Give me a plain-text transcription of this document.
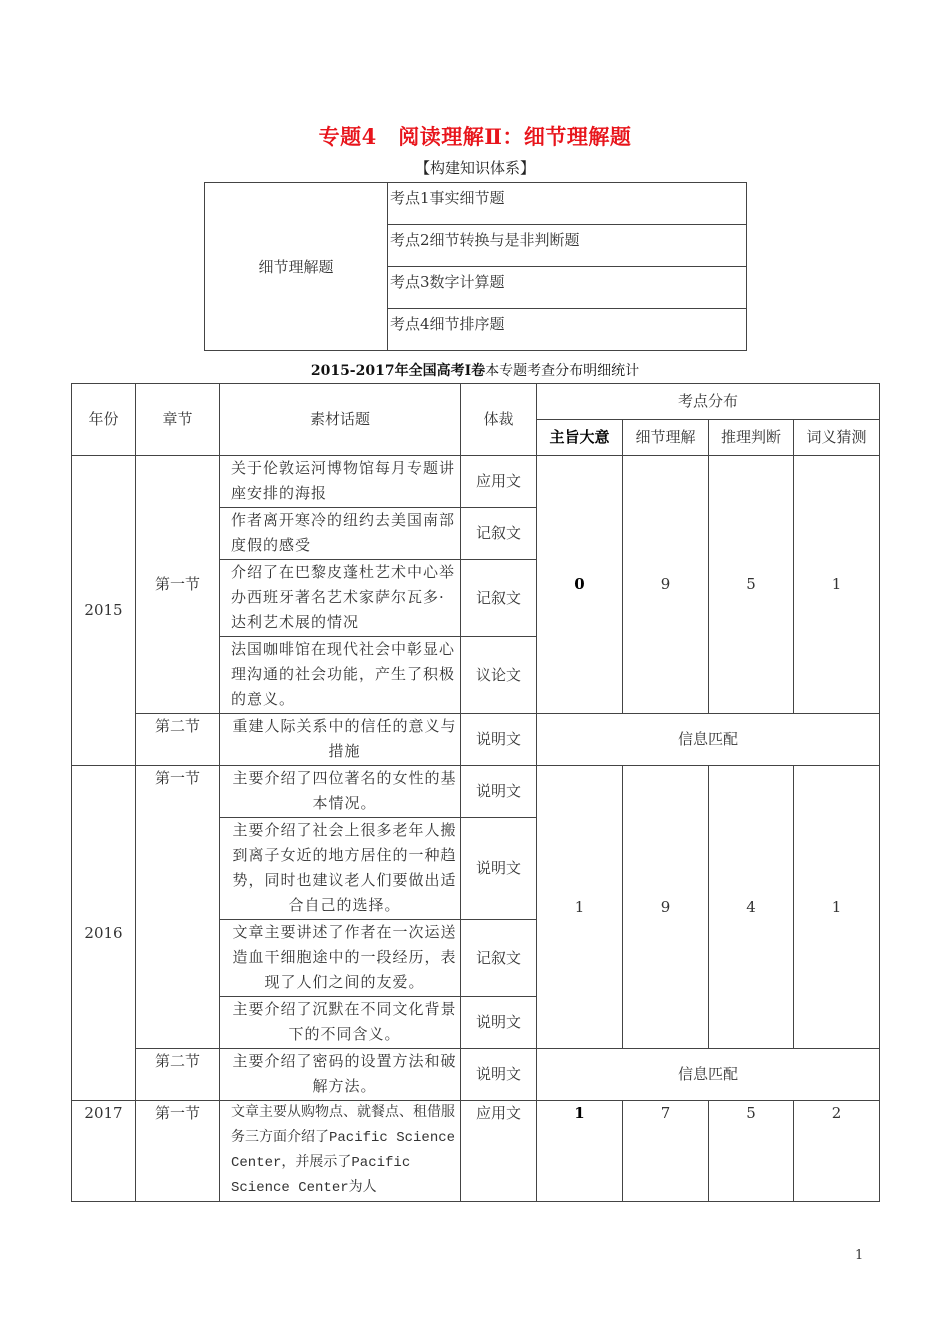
专题4　阅读理解Ⅱ：细节理解题
【构建知识体系】
细节理解题	考点1事实细节题
考点2细节转换与是非判断题
考点3数字计算题
考点4细节排序题
2015-2017年全国高考Ⅰ卷本专题考查分布明细统计
年份	章节	素材话题	体裁	考点分布			
				主旨大意	细节理解	推理判断	词义猜测
2015	第一节	关于伦敦运河博物馆每月专题讲座安排的海报	应用文	0	9	5	1
		作者离开寒冷的纽约去美国南部度假的感受	记叙文				
		介绍了在巴黎皮蓬杜艺术中心举办西班牙著名艺术家萨尔瓦多·达利艺术展的情况	记叙文				
		法国咖啡馆在现代社会中彰显心理沟通的社会功能，产生了积极的意义。	议论文				
	第二节	重建人际关系中的信任的意义与措施	说明文	信息匹配			
2016	第一节	主要介绍了四位著名的女性的基本情况。	说明文	1	9	4	1
		主要介绍了社会上很多老年人搬到离子女近的地方居住的一种趋势，同时也建议老人们要做出适合自己的选择。	说明文				
		文章主要讲述了作者在一次运送造血干细胞途中的一段经历，表现了人们之间的友爱。	记叙文				
		主要介绍了沉默在不同文化背景下的不同含义。	说明文				
	第二节	主要介绍了密码的设置方法和破解方法。	说明文	信息匹配			
2017	第一节	文章主要从购物点、就餐点、租借服务三方面介绍了Pacific Science Center，并展示了Pacific Science Center为人	应用文	1	7	5	2
1
